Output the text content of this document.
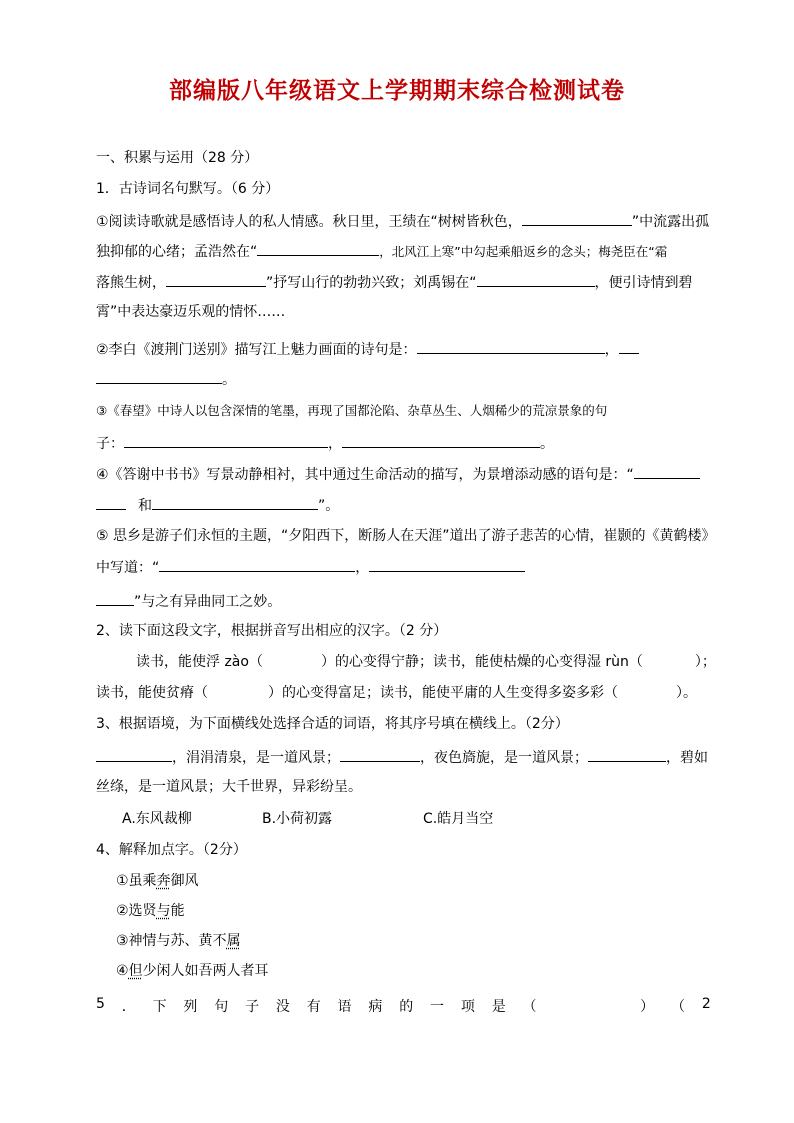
部编版八年级语文上学期期末综合检测试卷
一、积累与运用（28 分）
1．古诗词名句默写。（6 分）
①阅读诗歌就是感悟诗人的私人情感。秋日里，王绩在“树树皆秋色，	”中流露出孤
独抑郁的心绪；孟浩然在“	，北风江上寒”中勾起乘船返乡的念头；梅尧臣在“霜
落熊生树，	”抒写山行的勃勃兴致；刘禹锡在“	，便引诗情到碧
霄”中表达豪迈乐观的情怀……
②李白《渡荆门送别》描写江上魅力画面的诗句是：	，
。
③《春望》中诗人以包含深情的笔墨，再现了国都沦陷、杂草丛生、人烟稀少的荒凉景象的句
子：	，	。
④《答谢中书书》写景动静相衬，其中通过生命活动的描写，为景增添动感的语句是：“
和	”。
⑤ 思乡是游子们永恒的主题，“夕阳西下，断肠人在天涯”道出了游子悲苦的心情，崔颢的《黄鹤楼》
中写道：“	，
”与之有异曲同工之妙。
2、读下面这段文字，根据拼音写出相应的汉字。（2 分）
读书，能使浮 zào（	）的心变得宁静；读书，能使枯燥的心变得湿 rùn（	）；
读书，能使贫瘠（	）的心变得富足；读书，能使平庸的人生变得多姿多彩（	）。
3、根据语境，为下面横线处选择合适的词语，将其序号填在横线上。（2分）
，涓涓清泉，是一道风景；	，夜色旖旎，是一道风景；	，碧如
丝绦，是一道风景；大千世界，异彩纷呈。
A.东风裁柳	B.小荷初露	C.皓月当空
4、解释加点字。（2分）
①虽乘奔御风
②选贤与能
③神情与苏、黄不属
④但少闲人如吾两人者耳
5 ． 下 列 句 子 没 有 语 病 的 一 项 是 （	） （ 2
